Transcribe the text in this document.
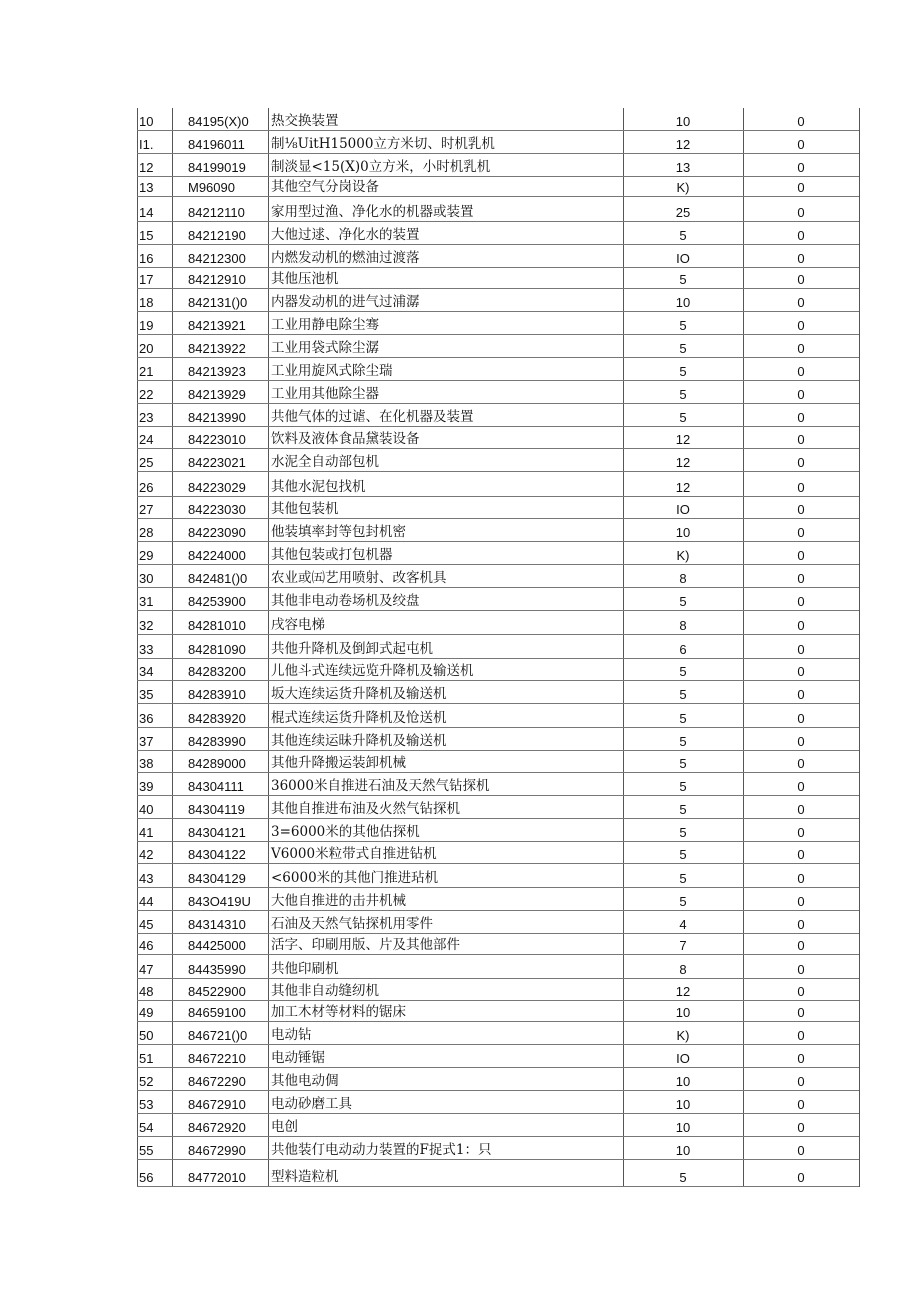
10	84195(X)0 热交换装置	10	0
I1.	84196011 制⅛UitH15000立方米切、时机乳机	12	0
12	84199019 制淡显<15(X)0立方米，小时机乳机	13	0
13	M96090	其他空气分岗设备	K)	0
14	84212110 家用型过渔、净化水的机器或装置	25	0
15	84212190 大他过逑、净化水的装置	5	0
16	84212300 内燃发动机的燃油过渡落	IO	0
17	84212910 其他压池机	5	0
18	842131()0 内器发动机的进气过浦潺	10	0
19	84213921 工业用静电除尘骞	5	0
20	84213922 工业用袋式除尘潺	5	0
21	84213923 工业用旋风式除尘瑞	5	0
22	84213929 工业用其他除尘器	5	0
23	84213990 共他气体的过谑、在化机器及装置	5	0
24	84223010 饮料及液体食品黛装设备	12	0
25	84223021 水泥全自动部包机	12	0
26	84223029 其他水泥包找机	12	0
27	84223030 其他包装机	IO	0
28	84223090 他装填率封等包封机密	10	0
29	84224000 其他包装或打包机器	K)	0
30	842481()0 农业或㈤艺用喷射、改客机具	8	0
31	84253900 其他非电动卷场机及绞盘	5	0
32	84281010 戌容电梯	8	0
33	84281090 共他升降机及倒卸式起屯机	6	0
34	84283200 儿他斗式连续远览升降机及输送机	5	0
35	84283910 坂大连续运货升降机及输送机	5	0
36	84283920 棍式连续运货升降机及怆送机	5	0
37	84283990 其他连续运昧升降机及输送机	5	0
38	84289000 其他升降搬运装卸机械	5	0
39	84304111 36000米自推进石油及天然气钻探机	5	0
40	84304119 其他自推进布油及火然气钻探机	5	0
41	84304121 3=6000米的其他估探机	5	0
42	84304122 V6000米粒带式自推进钻机	5	0
43	84304129 <6000米的其他门推进玷机	5	0
44	843O419U 大他自推进的击井机械	5	0
45	84314310 石油及天然气钻探机用零件	4	0
46	84425000 活字、印刷用版、片及其他部件	7	0
47	84435990 共他印刷机	8	0
48	84522900 其他非自动缝纫机	12	0
49	84659100 加工木材等材料的锯床	10	0
50	846721()0 电动钻	K)	0
51	84672210 电动锤锯	IO	0
52	84672290 其他电动倜	10	0
53	84672910 电动砂磨工具	10	0
54	84672920 电创	10	0
55	84672990 共他装仃电动动力装置的F捉式1：只	10	0
56	84772010 型料造粒机	5	0
